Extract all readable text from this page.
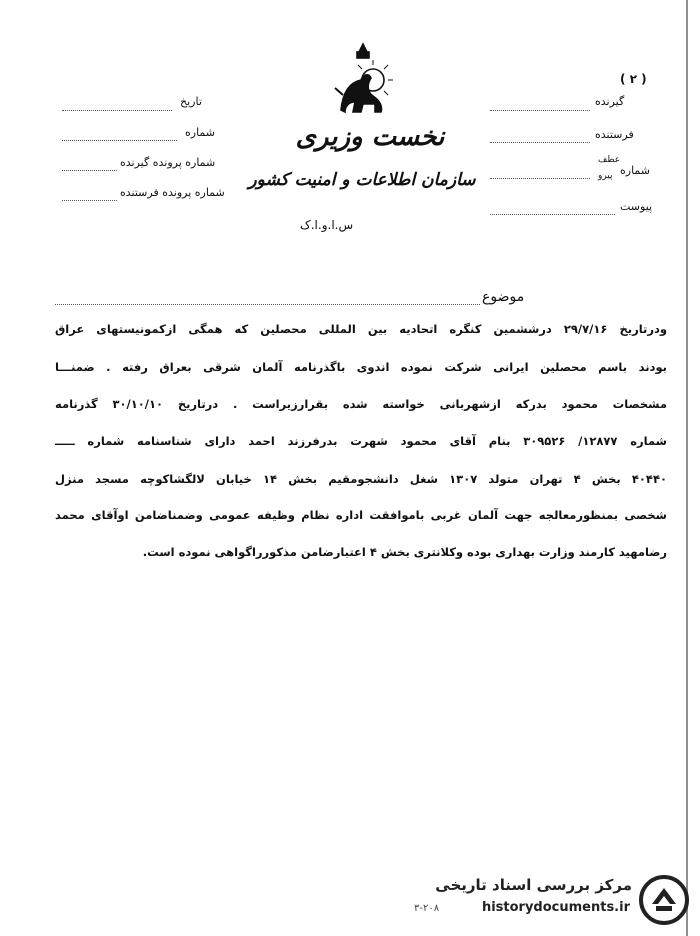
( ۲ )
تاریخ
شماره
شماره پرونده گیرنده
شماره پرونده فرستنده
گیرنده
فرستنده
شماره
عطف
پیرو
پیوست
نخست وزیری
سازمان اطلاعات و امنیت کشور
س.ا.و.ا.ک
موضوع
ودرتاریخ ۲۹/۷/۱۶ درششمین کنگره اتحادیه بین المللی محصلین که همگی ازکمونیستهای عراق
بودند باسم محصلین ایرانی شرکت نموده اندوی باگذرنامه آلمان شرقی بعراق رفته . ضمنـــا
مشخصات محمود بدرکه ازشهربانی خواسته شده بقرارزیراست . درتاریخ ۳۰/۱۰/۱۰ گذرنامه
شماره ۱۲۸۷۷/ ۳۰۹۵۲۶ بنام آقای محمود شهرت بدرفرزند احمد دارای شناسنامه شماره ـــــ
۴۰۴۴۰ بخش ۴ تهران متولد ۱۳۰۷ شغل دانشجومقیم بخش ۱۴ خیابان لالگشاکوچه مسجد منزل
شخصی بمنظورمعالجه جهت آلمان غربی باموافقت اداره نظام وظیفه عمومی وضمناضامن اوآقای محمد
رضامهید کارمند وزارت بهداری بوده وکلانتری بخش ۴ اعتبارضامن مذکورراگواهی نموده است.
مرکز بررسی اسناد تاریخی
historydocuments.ir
۳-۲۰۸
